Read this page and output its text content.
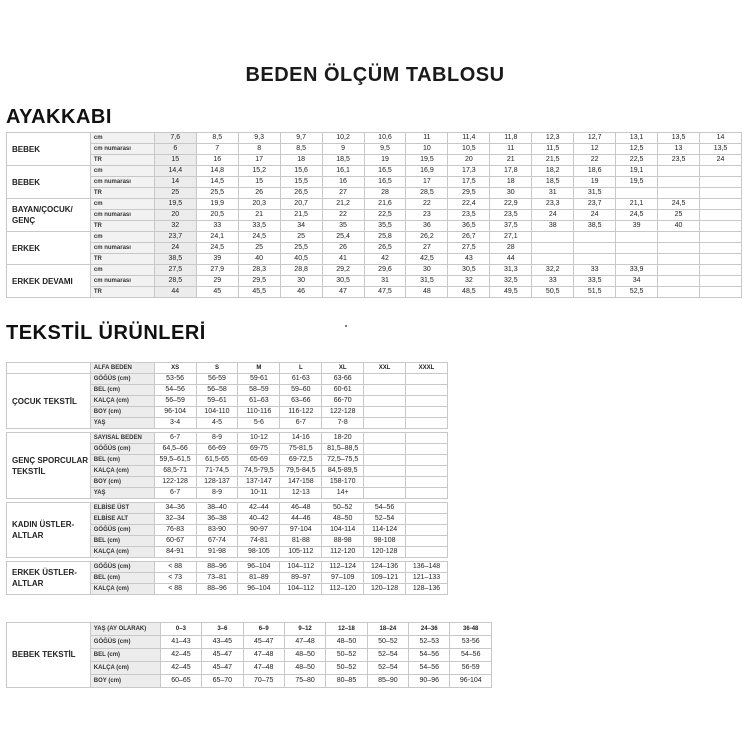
BEDEN ÖLÇÜM TABLOSU
AYAKKABI
BEBEK	cm	7,6	8,5	9,3	9,7	10,2	10,6	11	11,4	11,8	12,3	12,7	13,1	13,5	14
	cm numarası	6	7	8	8,5	9	9,5	10	10,5	11	11,5	12	12,5	13	13,5
	TR	15	16	17	18	18,5	19	19,5	20	21	21,5	22	22,5	23,5	24
BEBEK	cm	14,4	14,8	15,2	15,6	16,1	16,5	16,9	17,3	17,8	18,2	18,6	19,1		
	cm numarası	14	14,5	15	15,5	16	16,5	17	17,5	18	18,5	19	19,5		
	TR	25	25,5	26	26,5	27	28	28,5	29,5	30	31	31,5			
BAYAN/ÇOCUK/ GENÇ	cm	19,5	19,9	20,3	20,7	21,2	21,6	22	22,4	22,9	23,3	23,7	21,1	24,5	
	cm numarası	20	20,5	21	21,5	22	22,5	23	23,5	23,5	24	24	24,5	25	
	TR	32	33	33,5	34	35	35,5	36	36,5	37,5	38	38,5	39	40	
ERKEK	cm	23,7	24,1	24,5	25	25,4	25,8	26,2	26,7	27,1					
	cm numarası	24	24,5	25	25,5	26	26,5	27	27,5	28					
	TR	38,5	39	40	40,5	41	42	42,5	43	44					
ERKEK DEVAMI	cm	27,5	27,9	28,3	28,8	29,2	29,6	30	30,5	31,3	32,2	33	33,9		
	cm numarası	28,5	29	29,5	30	30,5	31	31,5	32	32,5	33	33,5	34		
	TR	44	45	45,5	46	47	47,5	48	48,5	49,5	50,5	51,5	52,5		
TEKSTİL ÜRÜNLERİ
	ALFA BEDEN	XS	S	M	L	XL	XXL	XXXL
ÇOCUK TEKSTİL	GÖĞÜS (cm)	53-56	56-59	59-61	61-63	63-66		
	BEL (cm)	54–56	56–58	58–59	59–60	60-61		
	KALÇA (cm)	56–59	59–61	61–63	63–66	66-70		
	BOY (cm)	96-104	104-110	110-116	116-122	122-128		
	YAŞ	3-4	4-5	5-6	6-7	7-8		

GENÇ SPORCULAR TEKSTİL	SAYISAL BEDEN	6-7	8-9	10-12	14-16	18-20		
	GÖĞÜS (cm)	64,5–66	66-69	69-75	75-81,5	81,5–88,5		
	BEL (cm)	59,5–61,5	61,5-65	65-69	69-72,5	72,5–75,5		
	KALÇA (cm)	68,5-71	71-74,5	74,5-79,5	79,5-84,5	84,5-89,5		
	BOY (cm)	122-128	128-137	137-147	147-158	158-170		
	YAŞ	6-7	8-9	10-11	12-13	14+		

KADIN ÜSTLER- ALTLAR	ELBİSE ÜST	34–36	38–40	42–44	46–48	50–52	54–56	
	ELBİSE ALT	32–34	36–38	40–42	44–46	48–50	52–54	
	GÖĞÜS (cm)	76-83	83-90	90-97	97-104	104-114	114-124	
	BEL (cm)	60-67	67-74	74-81	81-88	88-98	98-108	
	KALÇA (cm)	84-91	91-98	98-105	105-112	112-120	120-128	

ERKEK ÜSTLER- ALTLAR	GÖĞÜS (cm)	< 88	88–96	96–104	104–112	112–124	124–136	136–148
	BEL (cm)	< 73	73–81	81–89	89–97	97–109	109–121	121–133
	KALÇA (cm)	< 88	88–96	96–104	104–112	112–120	120–128	128–136
BEBEK TEKSTİL	YAŞ (AY OLARAK)	0–3	3–6	6–9	9–12	12–18	18–24	24–36	36-48
	GÖĞÜS (cm)	41–43	43–45	45–47	47–48	48–50	50–52	52–53	53-56
	BEL (cm)	42–45	45–47	47–48	48–50	50–52	52–54	54–56	54–56
	KALÇA (cm)	42–45	45–47	47–48	48–50	50–52	52–54	54–56	56-59
	BOY (cm)	60–65	65–70	70–75	75–80	80–85	85–90	90–96	96-104
